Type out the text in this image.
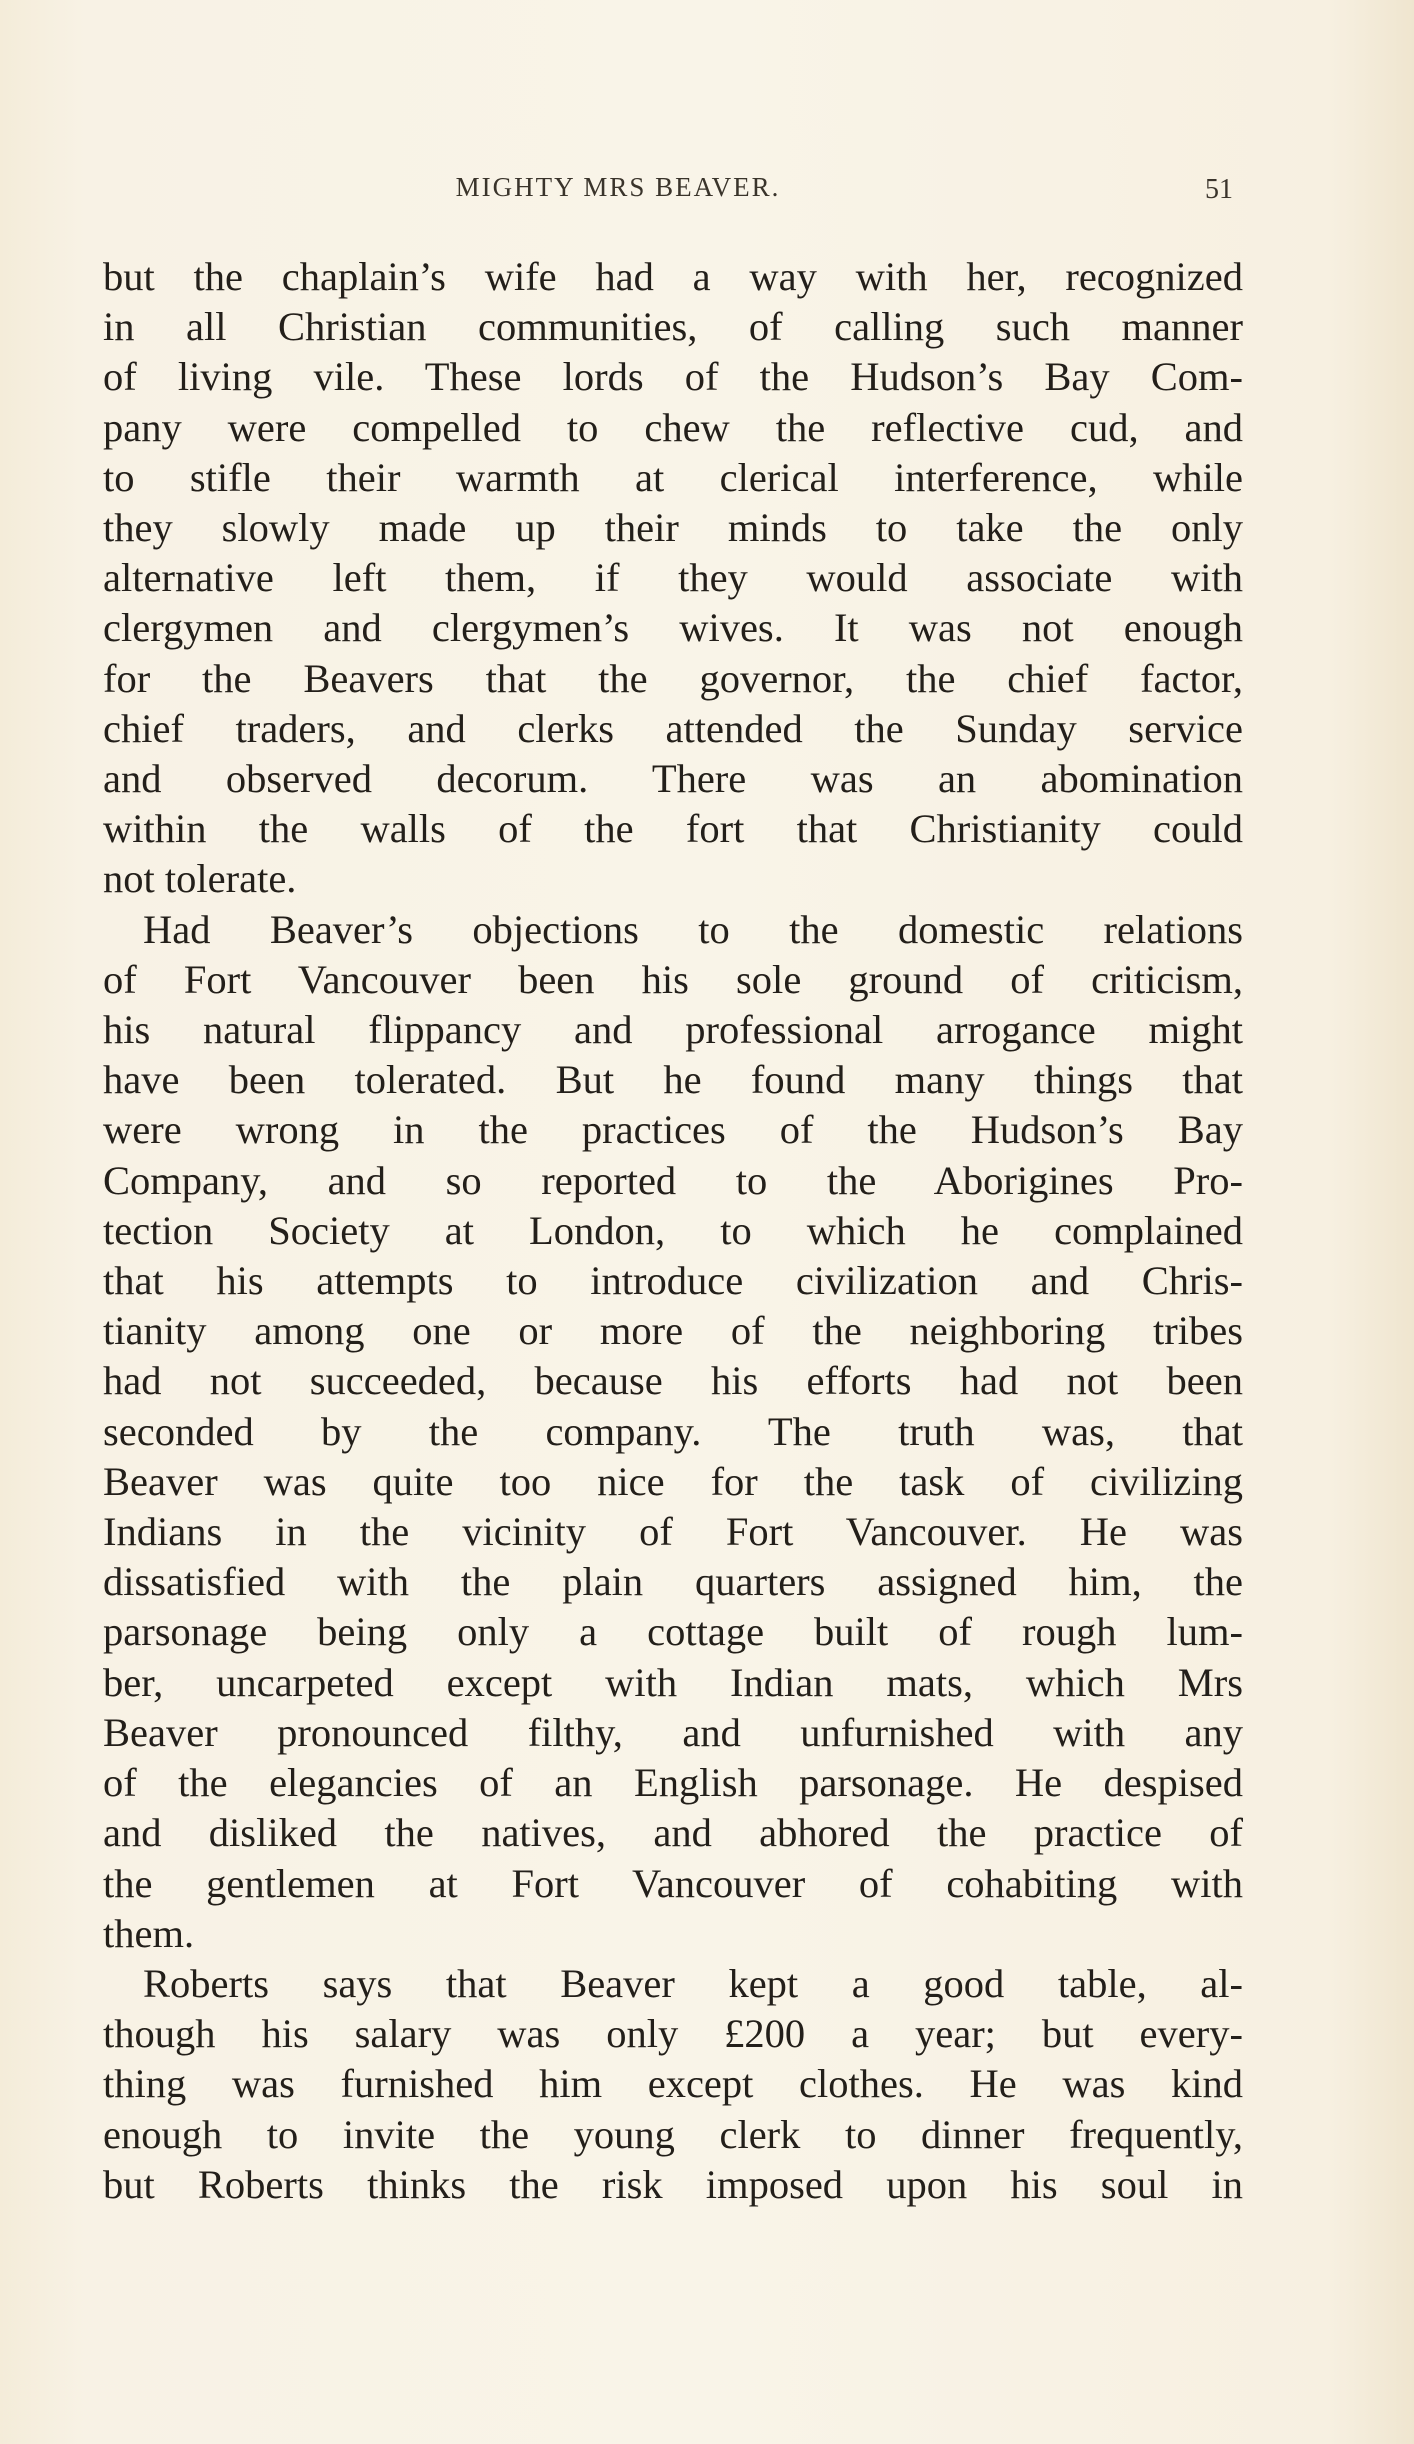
MIGHTY MRS BEAVER.	51

but the chaplain’s wife had a way with her, recognized
in all Christian communities, of calling such manner
of living vile. These lords of the Hudson’s Bay Com-
pany were compelled to chew the reflective cud, and
to stifle their warmth at clerical interference, while
they slowly made up their minds to take the only
alternative left them, if they would associate with
clergymen and clergymen’s wives. It was not enough
for the Beavers that the governor, the chief factor,
chief traders, and clerks attended the Sunday service
and observed decorum. There was an abomination
within the walls of the fort that Christianity could
not tolerate.

Had Beaver’s objections to the domestic relations
of Fort Vancouver been his sole ground of criticism,
his natural flippancy and professional arrogance might
have been tolerated. But he found many things that
were wrong in the practices of the Hudson’s Bay
Company, and so reported to the Aborigines Pro-
tection Society at London, to which he complained
that his attempts to introduce civilization and Chris-
tianity among one or more of the neighboring tribes
had not succeeded, because his efforts had not been
seconded by the company. The truth was, that
Beaver was quite too nice for the task of civilizing
Indians in the vicinity of Fort Vancouver. He was
dissatisfied with the plain quarters assigned him, the
parsonage being only a cottage built of rough lum-
ber, uncarpeted except with Indian mats, which Mrs
Beaver pronounced filthy, and unfurnished with any
of the elegancies of an English parsonage. He despised
and disliked the natives, and abhored the practice of
the gentlemen at Fort Vancouver of cohabiting with
them.

Roberts says that Beaver kept a good table, al-
though his salary was only £200 a year; but every-
thing was furnished him except clothes. He was kind
enough to invite the young clerk to dinner frequently,
but Roberts thinks the risk imposed upon his soul in
